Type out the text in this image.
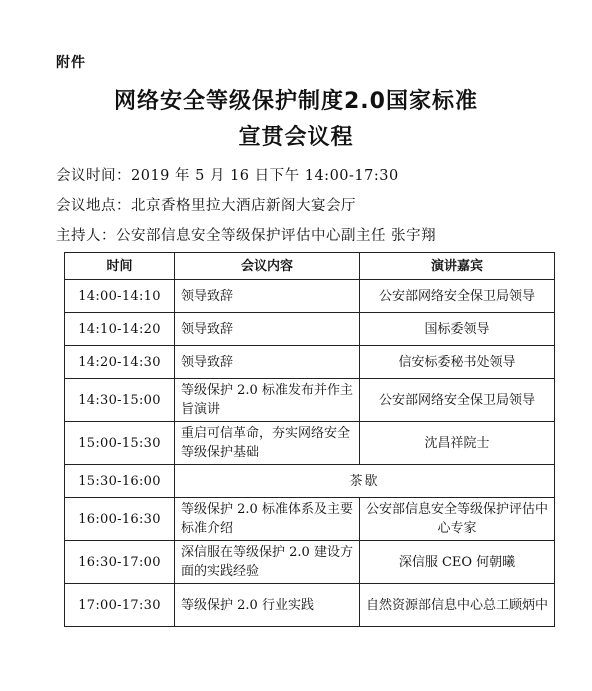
附件
网络安全等级保护制度2.0国家标准
宣贯会议程
会议时间：2019 年 5 月 16 日下午 14:00-17:30
会议地点：北京香格里拉大酒店新阁大宴会厅
主持人：公安部信息安全等级保护评估中心副主任 张宇翔
时间	会议内容	演讲嘉宾
14:00-14:10	领导致辞	公安部网络安全保卫局领导
14:10-14:20	领导致辞	国标委领导
14:20-14:30	领导致辞	信安标委秘书处领导
14:30-15:00	等级保护 2.0 标准发布并作主旨演讲	公安部网络安全保卫局领导
15:00-15:30	重启可信革命，夯实网络安全等级保护基础	沈昌祥院士
15:30-16:00	茶歇	
16:00-16:30	等级保护 2.0 标准体系及主要标准介绍	公安部信息安全等级保护评估中心专家
16:30-17:00	深信服在等级保护 2.0 建设方面的实践经验	深信服 CEO 何朝曦
17:00-17:30	等级保护 2.0 行业实践	自然资源部信息中心总工顾炳中
